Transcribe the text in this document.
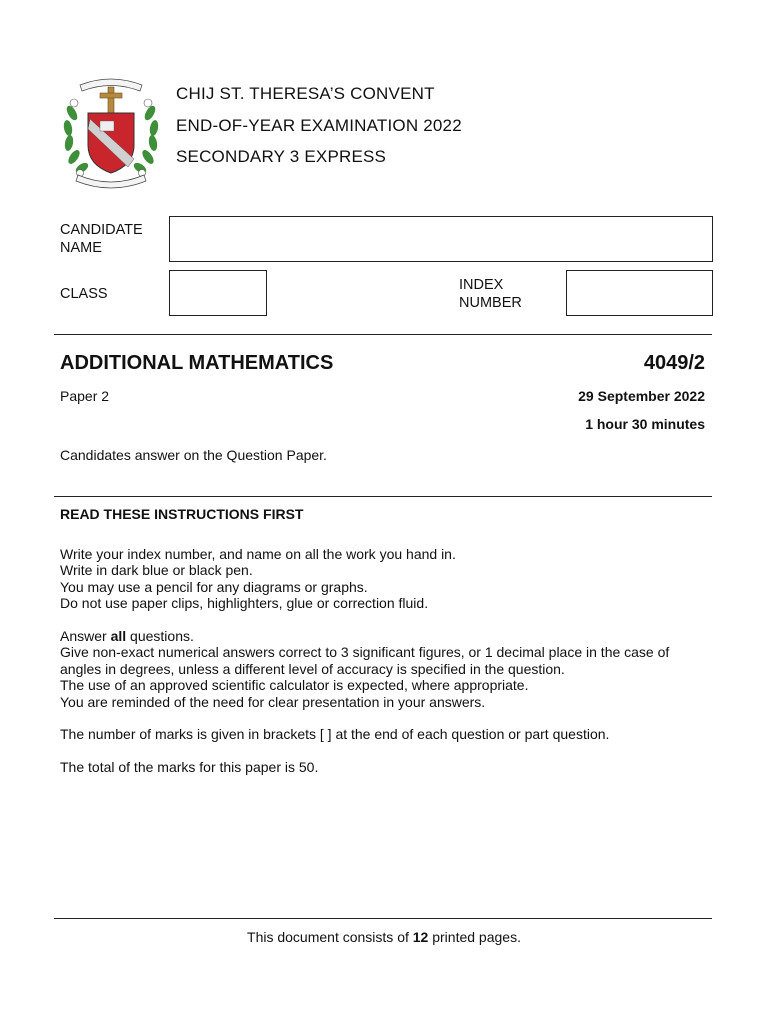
CHIJ ST. THERESA’S CONVENT
END-OF-YEAR EXAMINATION 2022
SECONDARY 3 EXPRESS
CANDIDATE
NAME
CLASS
INDEX
NUMBER
ADDITIONAL MATHEMATICS	4049/2
Paper 2	29 September 2022
1 hour 30 minutes
Candidates answer on the Question Paper.
READ THESE INSTRUCTIONS FIRST

Write your index number, and name on all the work you hand in.

Write in dark blue or black pen.

You may use a pencil for any diagrams or graphs.

Do not use paper clips, highlighters, glue or correction fluid.

Answer all questions.

Give non-exact numerical answers correct to 3 significant figures, or 1 decimal place in the case of angles in degrees, unless a different level of accuracy is specified in the question.

The use of an approved scientific calculator is expected, where appropriate.

You are reminded of the need for clear presentation in your answers.

The number of marks is given in brackets [ ] at the end of each question or part question.
The total of the marks for this paper is 50.
This document consists of 12 printed pages.
